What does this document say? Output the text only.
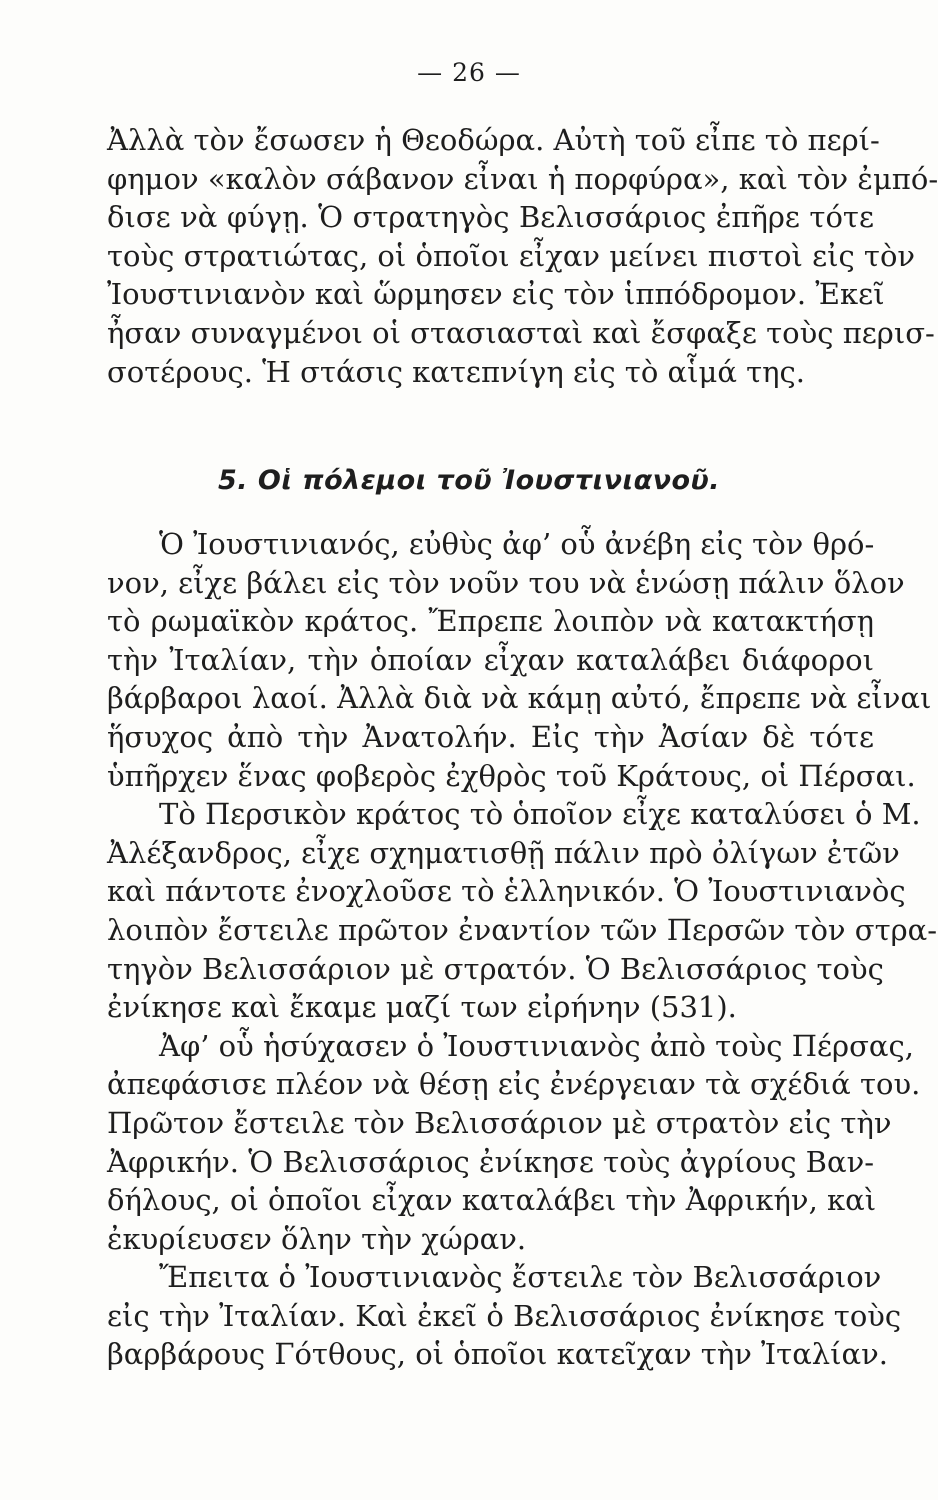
— 26 —
Ἀλλὰ τὸν ἔσωσεν ἡ Θεοδώρα. Αὐτὴ τοῦ εἶπε τὸ περί-
φημον «καλὸν σάβανον εἶναι ἡ πορφύρα», καὶ τὸν ἐμπό-
δισε νὰ φύγῃ. Ὁ στρατηγὸς Βελισσάριος ἐπῆρε τότε
τοὺς στρατιώτας, οἱ ὁποῖοι εἶχαν μείνει πιστοὶ εἰς τὸν
Ἰουστινιανὸν καὶ ὥρμησεν εἰς τὸν ἱππόδρομον. Ἐκεῖ
ἦσαν συναγμένοι οἱ στασιασταὶ καὶ ἔσφαξε τοὺς περισ-
σοτέρους. Ἡ στάσις κατεπνίγη εἰς τὸ αἷμά της.
5. Οἱ πόλεμοι τοῦ Ἰουστινιανοῦ.
Ὁ Ἰουστινιανός, εὐθὺς ἀφ’ οὗ ἀνέβη εἰς τὸν θρό-
νον, εἶχε βάλει εἰς τὸν νοῦν του νὰ ἑνώσῃ πάλιν ὅλον
τὸ ρωμαϊκὸν κράτος. Ἔπρεπε λοιπὸν νὰ κατακτήσῃ
τὴν Ἰταλίαν, τὴν ὁποίαν εἶχαν καταλάβει διάφοροι
βάρβαροι λαοί. Ἀλλὰ διὰ νὰ κάμῃ αὐτό, ἔπρεπε νὰ εἶναι
ἥσυχος ἀπὸ τὴν Ἀνατολήν. Εἰς τὴν Ἀσίαν δὲ τότε
ὑπῆρχεν ἕνας φοβερὸς ἐχθρὸς τοῦ Κράτους, οἱ Πέρσαι.
Τὸ Περσικὸν κράτος τὸ ὁποῖον εἶχε καταλύσει ὁ Μ.
Ἀλέξανδρος, εἶχε σχηματισθῇ πάλιν πρὸ ὀλίγων ἐτῶν
καὶ πάντοτε ἐνοχλοῦσε τὸ ἑλληνικόν. Ὁ Ἰουστινιανὸς
λοιπὸν ἔστειλε πρῶτον ἐναντίον τῶν Περσῶν τὸν στρα-
τηγὸν Βελισσάριον μὲ στρατόν. Ὁ Βελισσάριος τοὺς
ἐνίκησε καὶ ἔκαμε μαζί των εἰρήνην (531).
Ἀφ’ οὗ ἡσύχασεν ὁ Ἰουστινιανὸς ἀπὸ τοὺς Πέρσας,
ἀπεφάσισε πλέον νὰ θέσῃ εἰς ἐνέργειαν τὰ σχέδιά του.
Πρῶτον ἔστειλε τὸν Βελισσάριον μὲ στρατὸν εἰς τὴν
Ἀφρικήν. Ὁ Βελισσάριος ἐνίκησε τοὺς ἀγρίους Βαν-
δήλους, οἱ ὁποῖοι εἶχαν καταλάβει τὴν Ἀφρικήν, καὶ
ἐκυρίευσεν ὅλην τὴν χώραν.
Ἔπειτα ὁ Ἰουστινιανὸς ἔστειλε τὸν Βελισσάριον
εἰς τὴν Ἰταλίαν. Καὶ ἐκεῖ ὁ Βελισσάριος ἐνίκησε τοὺς
βαρβάρους Γότθους, οἱ ὁποῖοι κατεῖχαν τὴν Ἰταλίαν.
